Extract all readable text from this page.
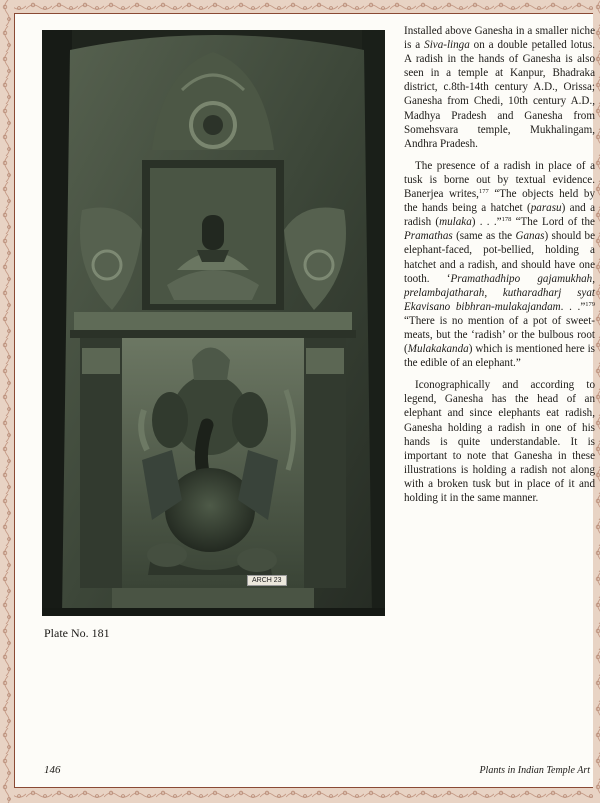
ARCH 23
Plate No. 181

Installed above Ganesha in a smaller niche is a Siva-linga on a double petalled lotus. A radish in the hands of Ganesha is also seen in a temple at Kanpur, Bhadraka district, c.8th-14th century A.D., Orissa; Ganesha from Chedi, 10th century A.D., Madhya Pradesh and Ganesha from Somehsvara temple, Mukhalingam, Andhra Pradesh.

The presence of a radish in place of a tusk is borne out by textual evidence. Banerjea writes,$^{177}$ “The objects held by the hands being a hatchet (parasu) and a radish (mulaka) . . .”$^{178}$ “The Lord of the Pramathas (same as the Ganas) should be elephant-faced, pot-bellied, holding a hatchet and a radish, and should have one tooth. ‘Pramathadhipo gajamukhah, prelambajatharah, kutharadharj syat Ekavisano bibhran-mulakajandam. . .”$^{179}$ “There is no mention of a pot of sweet-meats, but the ‘radish’ or the bulbous root (Mulakakanda) which is mentioned here is the edible of an elephant.”

Iconographically and according to legend, Ganesha has the head of an elephant and since elephants eat radish, Ganesha holding a radish in one of his hands is quite understandable. It is important to note that Ganesha in these illustrations is holding a radish not along with a broken tusk but in place of it and holding it in the same manner.

146	Plants in Indian Temple Art
